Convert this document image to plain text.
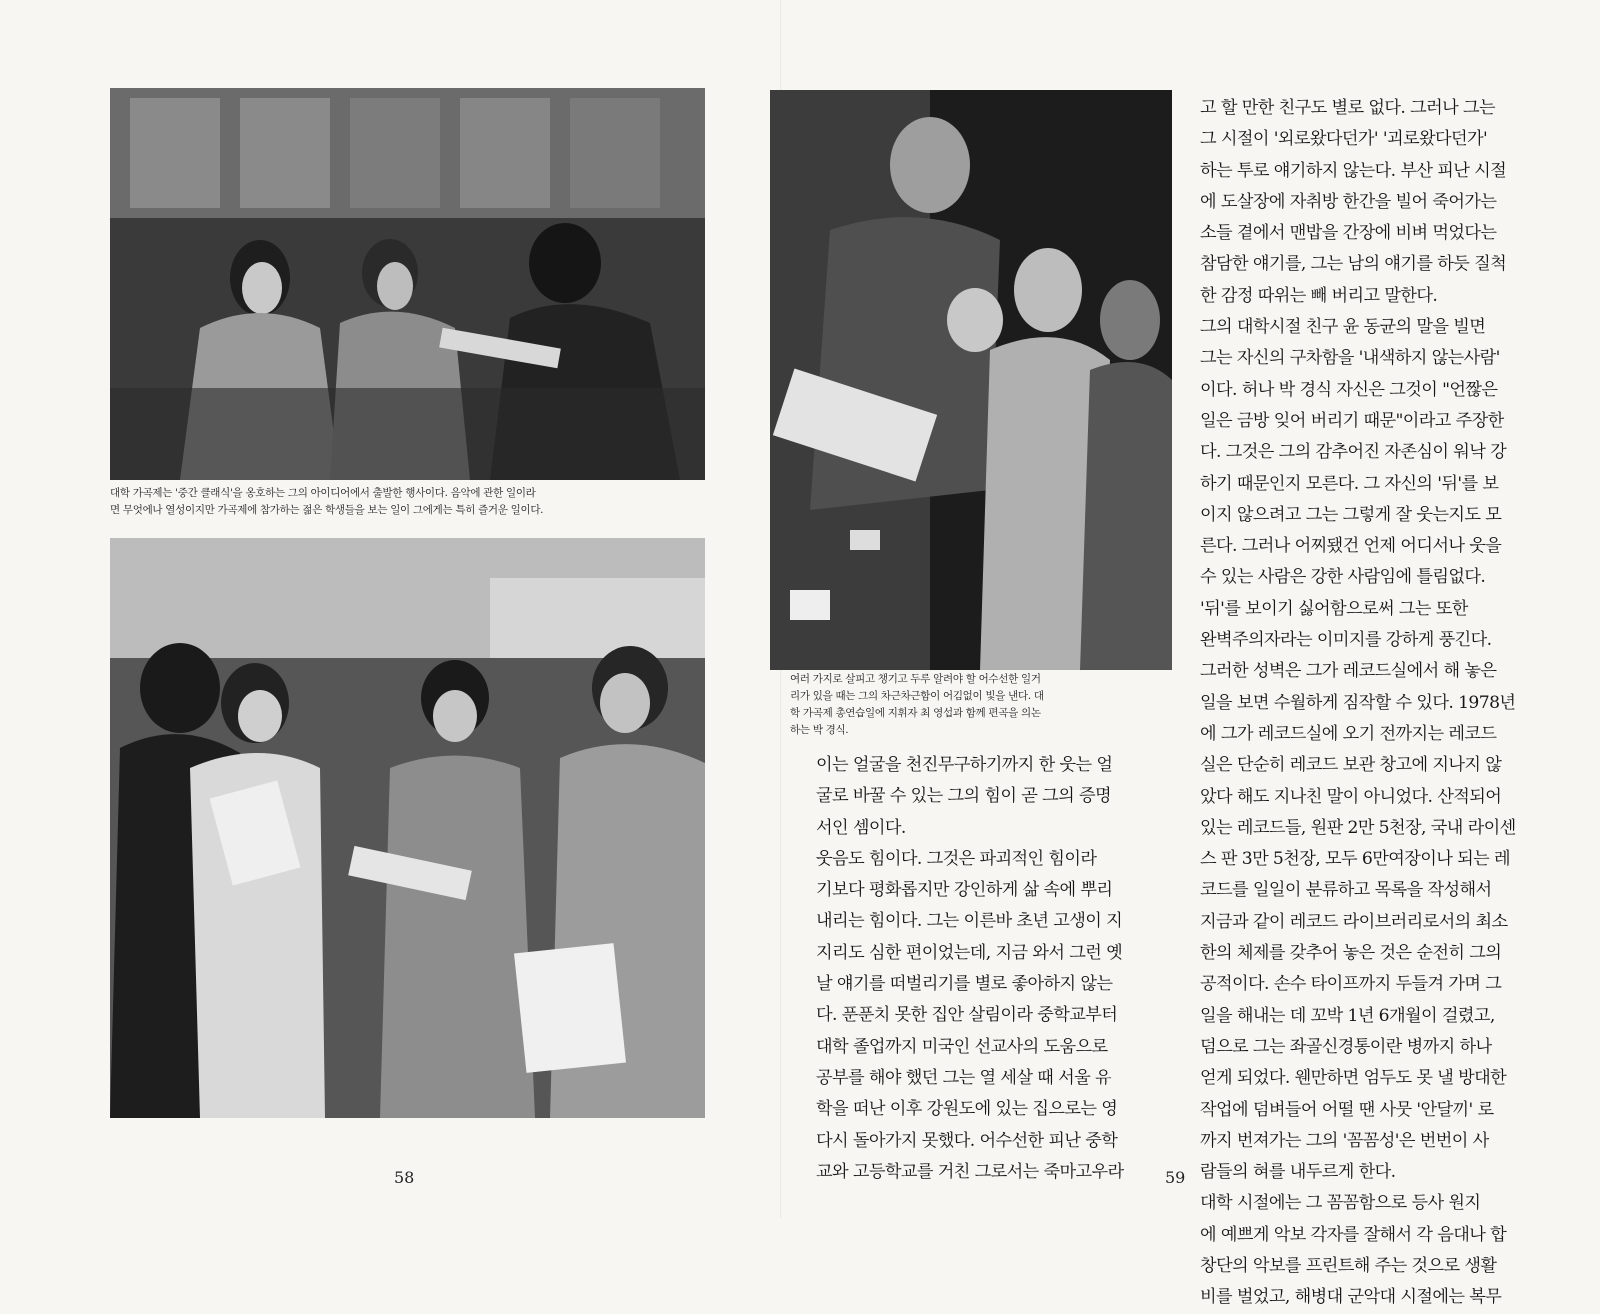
대학 가곡제는 '중간 클래식'을 옹호하는 그의 아이디어에서 출발한 행사이다. 음악에 관한 일이라

면 무엇에나 열성이지만 가곡제에 참가하는 젊은 학생들을 보는 일이 그에게는 특히 즐거운 일이다.

58

여러 가지로 살피고 챙기고 두루 알려야 할 어수선한 일거

리가 있을 때는 그의 차근차근함이 어김없이 빛을 낸다. 대

학 가곡제 총연습일에 지휘자 최 영섭과 함께 편곡을 의논

하는 박 경식.

이는 얼굴을 천진무구하기까지 한 웃는 얼

굴로 바꿀 수 있는 그의 힘이 곧 그의 증명

서인 셈이다.

웃음도 힘이다. 그것은 파괴적인 힘이라

기보다 평화롭지만 강인하게 삶 속에 뿌리

내리는 힘이다. 그는 이른바 초년 고생이 지

지리도 심한 편이었는데, 지금 와서 그런 옛

날 얘기를 떠벌리기를 별로 좋아하지 않는

다. 푼푼치 못한 집안 살림이라 중학교부터

대학 졸업까지 미국인 선교사의 도움으로

공부를 해야 했던 그는 열 세살 때 서울 유

학을 떠난 이후 강원도에 있는 집으로는 영

다시 돌아가지 못했다. 어수선한 피난 중학

교와 고등학교를 거친 그로서는 죽마고우라

고 할 만한 친구도 별로 없다. 그러나 그는

그 시절이 '외로왔다던가' '괴로왔다던가'

하는 투로 얘기하지 않는다. 부산 피난 시절

에 도살장에 자취방 한간을 빌어 죽어가는

소들 곁에서 맨밥을 간장에 비벼 먹었다는

참담한 얘기를, 그는 남의 얘기를 하듯 질척

한 감정 따위는 빼 버리고 말한다.

그의 대학시절 친구 윤 동균의 말을 빌면

그는 자신의 구차함을 '내색하지 않는사람'

이다. 허나 박 경식 자신은 그것이 "언짢은

일은 금방 잊어 버리기 때문"이라고 주장한

다. 그것은 그의 감추어진 자존심이 워낙 강

하기 때문인지 모른다. 그 자신의 '뒤'를 보

이지 않으려고 그는 그렇게 잘 웃는지도 모

른다. 그러나 어찌됐건 언제 어디서나 웃을

수 있는 사람은 강한 사람임에 틀림없다.

'뒤'를 보이기 싫어함으로써 그는 또한

완벽주의자라는 이미지를 강하게 풍긴다.

그러한 성벽은 그가 레코드실에서 해 놓은

일을 보면 수월하게 짐작할 수 있다. 1978년

에 그가 레코드실에 오기 전까지는 레코드

실은 단순히 레코드 보관 창고에 지나지 않

았다 해도 지나친 말이 아니었다. 산적되어

있는 레코드들, 원판 2만 5천장, 국내 라이센

스 판 3만 5천장, 모두 6만여장이나 되는 레

코드를 일일이 분류하고 목록을 작성해서

지금과 같이 레코드 라이브러리로서의 최소

한의 체제를 갖추어 놓은 것은 순전히 그의

공적이다. 손수 타이프까지 두들겨 가며 그

일을 해내는 데 꼬박 1년 6개월이 걸렸고,

덤으로 그는 좌골신경통이란 병까지 하나

얻게 되었다. 웬만하면 엄두도 못 낼 방대한

작업에 덤벼들어 어떨 땐 사뭇 '안달끼' 로

까지 번져가는 그의 '꼼꼼성'은 번번이 사

람들의 혀를 내두르게 한다.

대학 시절에는 그 꼼꼼함으로 등사 원지

에 예쁘게 악보 각자를 잘해서 각 음대나 합

창단의 악보를 프린트해 주는 것으로 생활

비를 벌었고, 해병대 군악대 시절에는 복무

59
